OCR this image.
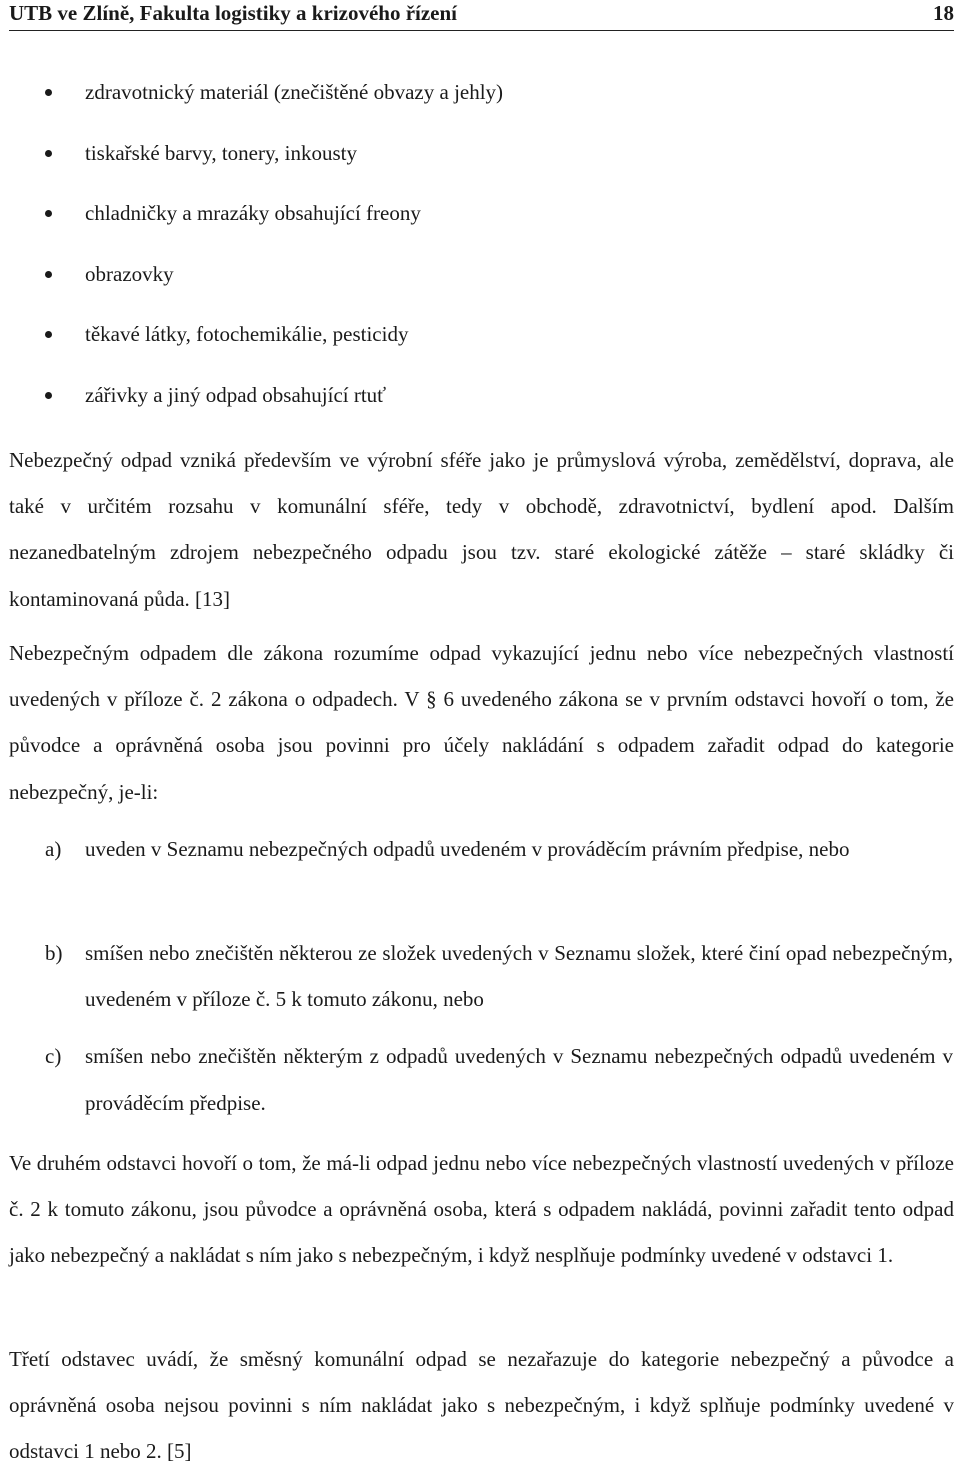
UTB ve Zlíně, Fakulta logistiky a krizového řízení	18
zdravotnický materiál (znečištěné obvazy a jehly)
tiskařské barvy, tonery, inkousty
chladničky a mrazáky obsahující freony
obrazovky
těkavé látky, fotochemikálie, pesticidy
zářivky a jiný odpad obsahující rtuť

Nebezpečný odpad vzniká především ve výrobní sféře jako je průmyslová výroba, zemědělství, doprava, ale také v určitém rozsahu v komunální sféře, tedy v obchodě, zdravotnictví, bydlení apod. Dalším nezanedbatelným zdrojem nebezpečného odpadu jsou tzv. staré ekologické zátěže – staré skládky či kontaminovaná půda. [13]

Nebezpečným odpadem dle zákona rozumíme odpad vykazující jednu nebo více nebezpečných vlastností uvedených v příloze č. 2 zákona o odpadech. V § 6 uvedeného zákona se v prvním odstavci hovoří o tom, že původce a oprávněná osoba jsou povinni pro účely nakládání s odpadem zařadit odpad do kategorie nebezpečný, je-li:

a) uveden v Seznamu nebezpečných odpadů uvedeném v prováděcím právním předpise, nebo

b) smíšen nebo znečištěn některou ze složek uvedených v Seznamu složek, které činí opad nebezpečným, uvedeném v příloze č. 5 k tomuto zákonu, nebo

c) smíšen nebo znečištěn některým z odpadů uvedených v Seznamu nebezpečných odpadů uvedeném v prováděcím předpise.

Ve druhém odstavci hovoří o tom, že má-li odpad jednu nebo více nebezpečných vlastností uvedených v příloze č. 2 k tomuto zákonu, jsou původce a oprávněná osoba, která s odpadem nakládá, povinni zařadit tento odpad jako nebezpečný a nakládat s ním jako s nebezpečným, i když nesplňuje podmínky uvedené v odstavci 1.

Třetí odstavec uvádí, že směsný komunální odpad se nezařazuje do kategorie nebezpečný a původce a oprávněná osoba nejsou povinni s ním nakládat jako s nebezpečným, i když splňuje podmínky uvedené v odstavci 1 nebo 2. [5]
